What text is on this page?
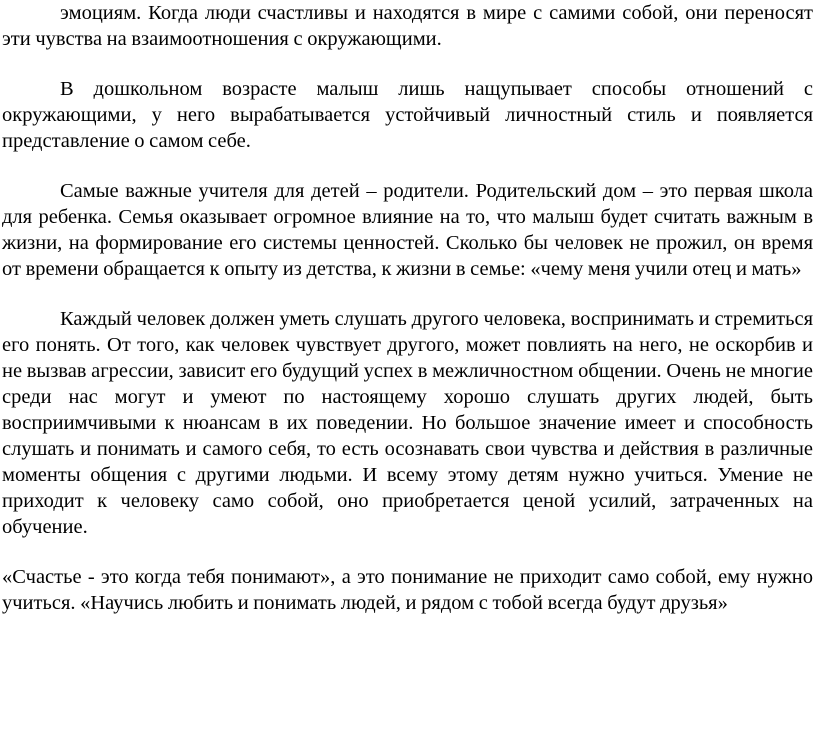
эмоциям. Когда люди счастливы и находятся в мире с самими собой, они переносят эти чувства на взаимоотношения с окружающими.

В дошкольном возрасте малыш лишь нащупывает способы отношений с окружающими, у него вырабатывается устойчивый личностный стиль и появляется представление о самом себе.

Самые важные учителя для детей – родители. Родительский дом – это первая школа для ребенка. Семья оказывает огромное влияние на то, что малыш будет считать важным в жизни, на формирование его системы ценностей. Сколько бы человек не прожил, он время от времени обращается к опыту из детства, к жизни в семье: «чему меня учили отец и мать»

Каждый человек должен уметь слушать другого человека, воспринимать и стремиться его понять. От того, как человек чувствует другого, может повлиять на него, не оскорбив и не вызвав агрессии, зависит его будущий успех в межличностном общении. Очень не многие среди нас могут и умеют по настоящему хорошо слушать других людей, быть восприимчивыми к нюансам в их поведении. Но большое значение имеет и способность слушать и понимать и самого себя, то есть осознавать свои чувства и действия в различные моменты общения с другими людьми. И всему этому детям нужно учиться. Умение не приходит к человеку само собой, оно приобретается ценой усилий, затраченных на обучение.

«Счастье - это когда тебя понимают», а это понимание не приходит само собой, ему нужно учиться. «Научись любить и понимать людей, и рядом с тобой всегда будут друзья»
